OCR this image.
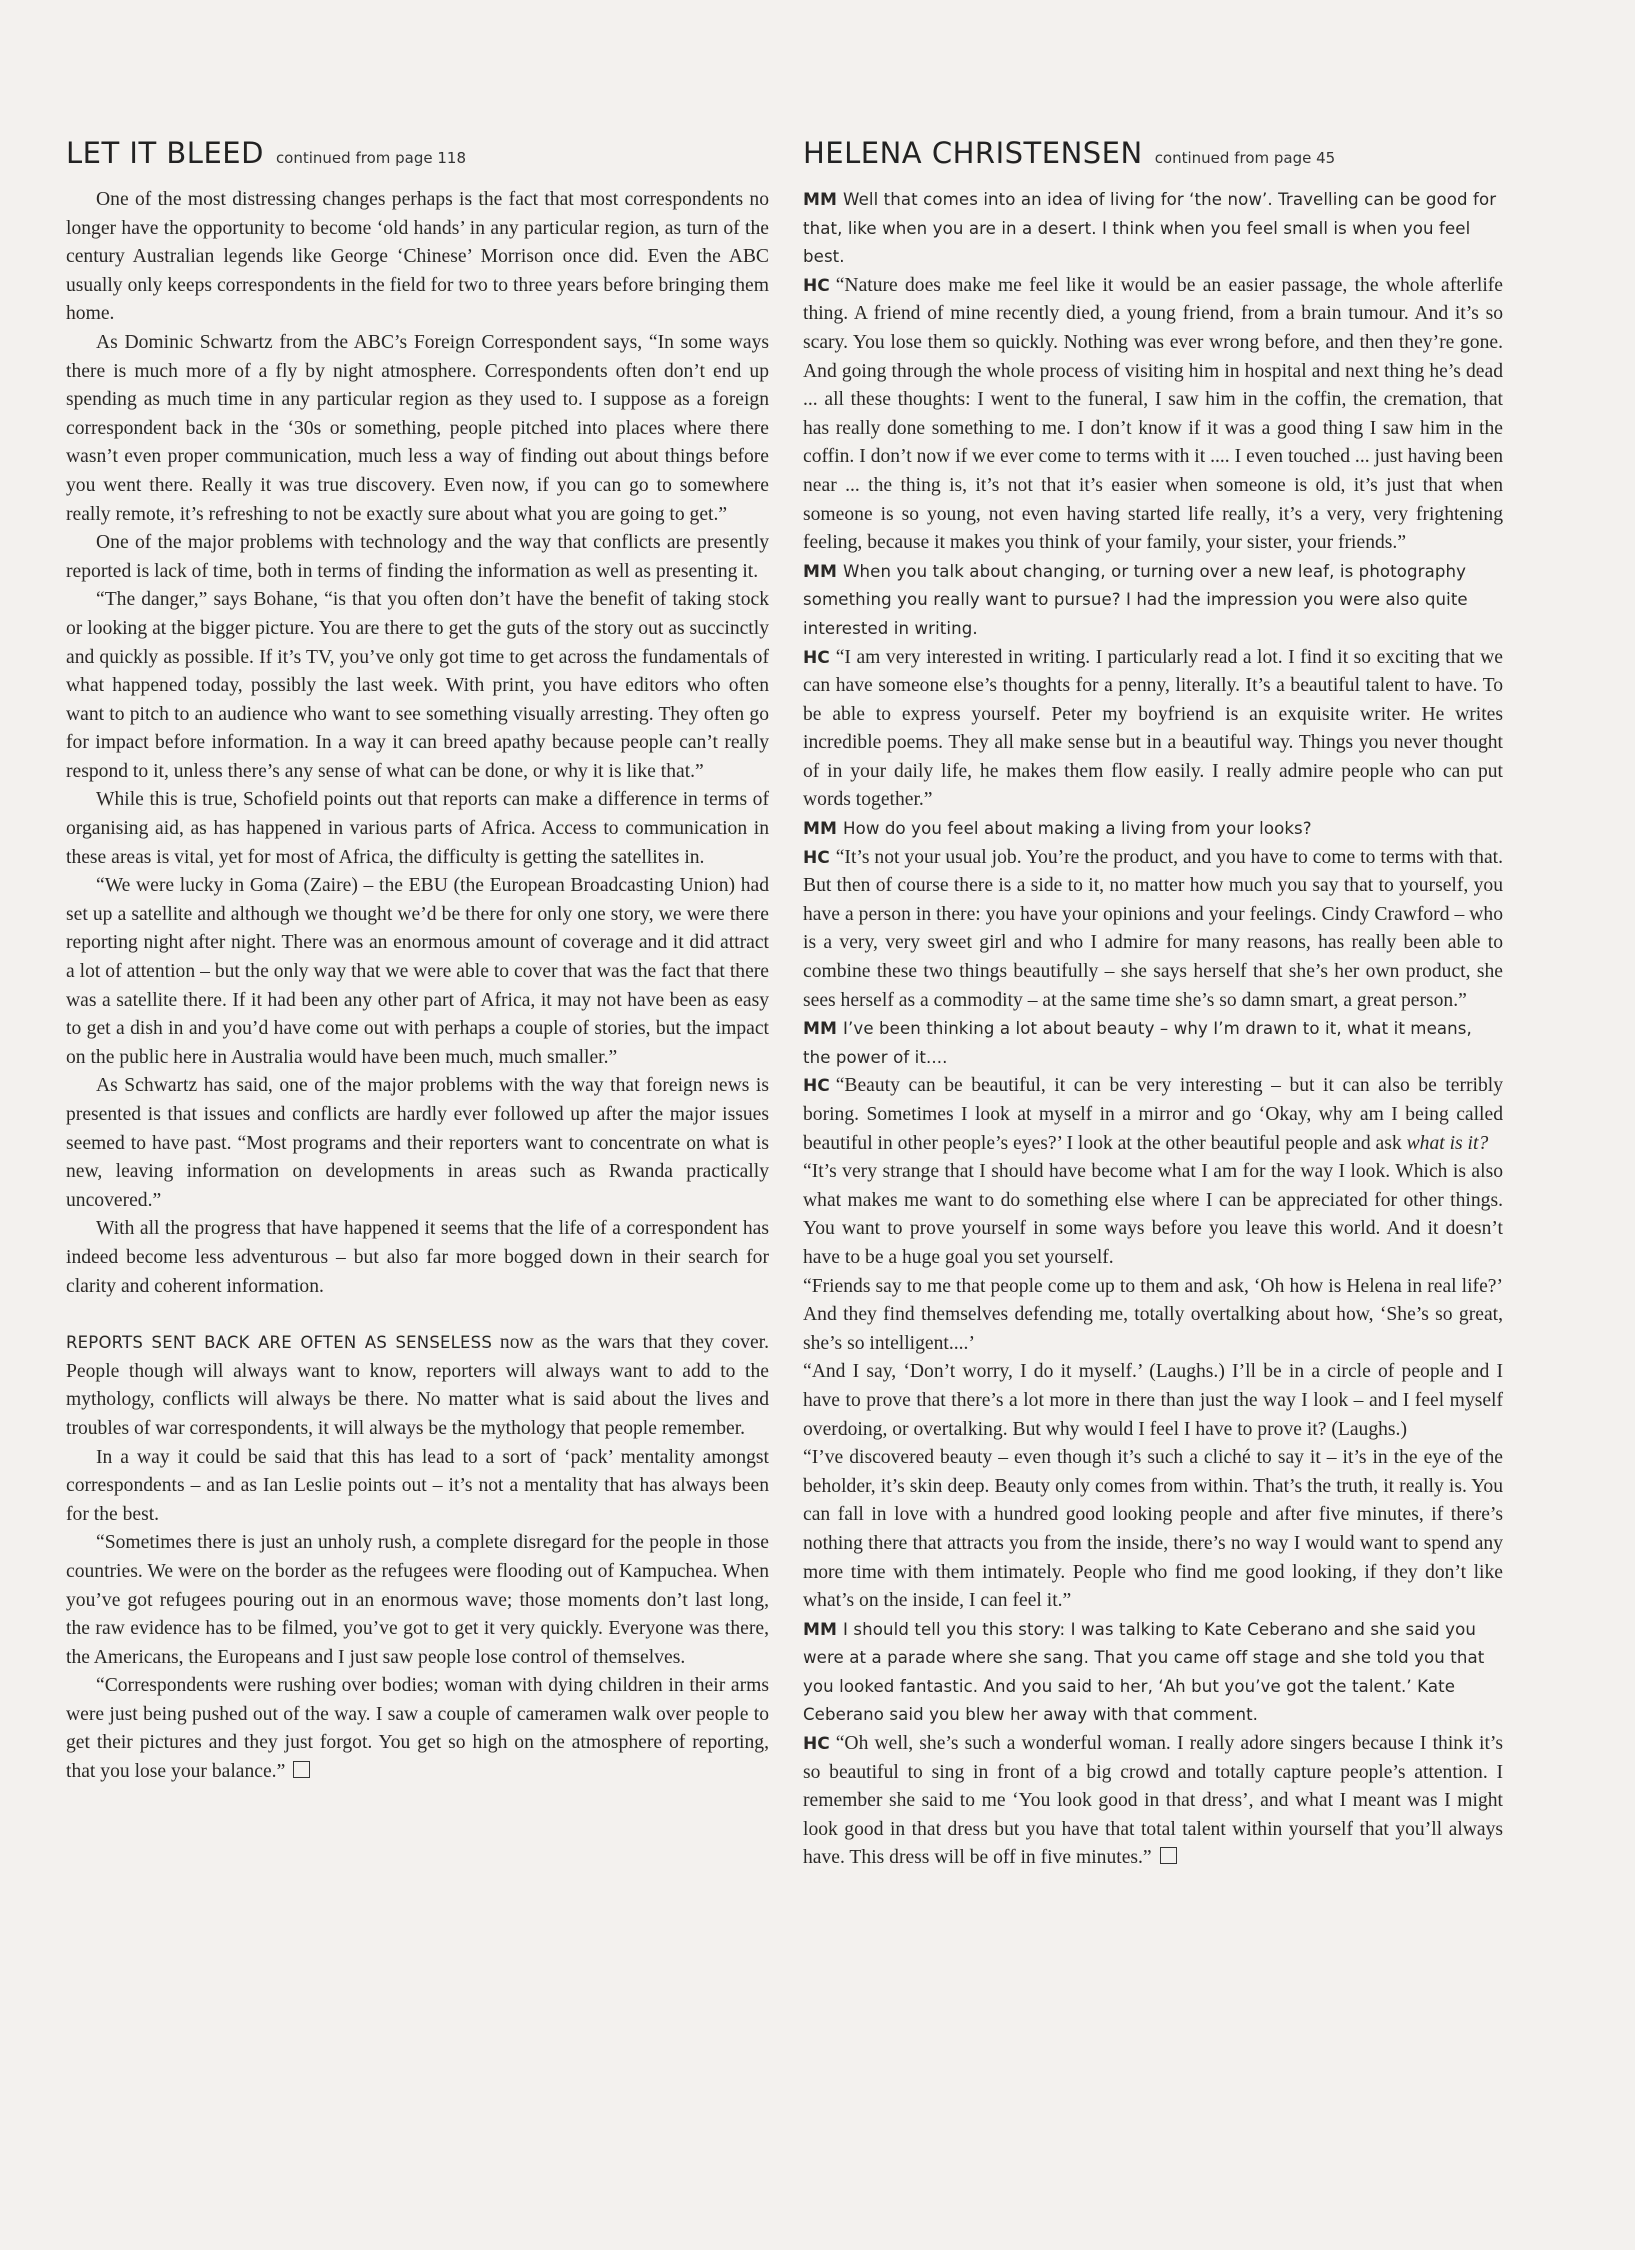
LET IT BLEED continued from page 118

One of the most distressing changes perhaps is the fact that most correspondents no longer have the opportunity to become ‘old hands’ in any particular region, as turn of the century Australian legends like George ‘Chinese’ Morrison once did. Even the ABC usually only keeps correspondents in the field for two to three years before bringing them home.

As Dominic Schwartz from the ABC’s Foreign Correspondent says, “In some ways there is much more of a fly by night atmosphere. Correspondents often don’t end up spending as much time in any particular region as they used to. I suppose as a foreign correspondent back in the ‘30s or something, people pitched into places where there wasn’t even proper communication, much less a way of finding out about things before you went there. Really it was true discovery. Even now, if you can go to somewhere really remote, it’s refreshing to not be exactly sure about what you are going to get.”

One of the major problems with technology and the way that conflicts are presently reported is lack of time, both in terms of finding the information as well as presenting it.

“The danger,” says Bohane, “is that you often don’t have the benefit of taking stock or looking at the bigger picture. You are there to get the guts of the story out as succinctly and quickly as possible. If it’s TV, you’ve only got time to get across the fundamentals of what happened today, possibly the last week. With print, you have editors who often want to pitch to an audience who want to see something visually arresting. They often go for impact before information. In a way it can breed apathy because people can’t really respond to it, unless there’s any sense of what can be done, or why it is like that.”

While this is true, Schofield points out that reports can make a difference in terms of organising aid, as has happened in various parts of Africa. Access to communication in these areas is vital, yet for most of Africa, the difficulty is getting the satellites in.

“We were lucky in Goma (Zaire) – the EBU (the European Broadcasting Union) had set up a satellite and although we thought we’d be there for only one story, we were there reporting night after night. There was an enormous amount of coverage and it did attract a lot of attention – but the only way that we were able to cover that was the fact that there was a satellite there. If it had been any other part of Africa, it may not have been as easy to get a dish in and you’d have come out with perhaps a couple of stories, but the impact on the public here in Australia would have been much, much smaller.”

As Schwartz has said, one of the major problems with the way that foreign news is presented is that issues and conflicts are hardly ever followed up after the major issues seemed to have past. “Most programs and their reporters want to concentrate on what is new, leaving information on developments in areas such as Rwanda practically uncovered.”

With all the progress that have happened it seems that the life of a correspondent has indeed become less adventurous – but also far more bogged down in their search for clarity and coherent information.

REPORTS SENT BACK ARE OFTEN AS SENSELESS now as the wars that they cover. People though will always want to know, reporters will always want to add to the mythology, conflicts will always be there. No matter what is said about the lives and troubles of war correspondents, it will always be the mythology that people remember.

In a way it could be said that this has lead to a sort of ‘pack’ mentality amongst correspondents – and as Ian Leslie points out – it’s not a mentality that has always been for the best.

“Sometimes there is just an unholy rush, a complete disregard for the people in those countries. We were on the border as the refugees were flooding out of Kampuchea. When you’ve got refugees pouring out in an enormous wave; those moments don’t last long, the raw evidence has to be filmed, you’ve got to get it very quickly. Everyone was there, the Americans, the Europeans and I just saw people lose control of themselves.

“Correspondents were rushing over bodies; woman with dying children in their arms were just being pushed out of the way. I saw a couple of cameramen walk over people to get their pictures and they just forgot. You get so high on the atmosphere of reporting, that you lose your balance.”

HELENA CHRISTENSEN continued from page 45

MM Well that comes into an idea of living for ‘the now’. Travelling can be good for that, like when you are in a desert. I think when you feel small is when you feel best.

HC “Nature does make me feel like it would be an easier passage, the whole afterlife thing. A friend of mine recently died, a young friend, from a brain tumour. And it’s so scary. You lose them so quickly. Nothing was ever wrong before, and then they’re gone. And going through the whole process of visiting him in hospital and next thing he’s dead ... all these thoughts: I went to the funeral, I saw him in the coffin, the cremation, that has really done something to me. I don’t know if it was a good thing I saw him in the coffin. I don’t now if we ever come to terms with it .... I even touched ... just having been near ... the thing is, it’s not that it’s easier when someone is old, it’s just that when someone is so young, not even having started life really, it’s a very, very frightening feeling, because it makes you think of your family, your sister, your friends.”

MM When you talk about changing, or turning over a new leaf, is photography something you really want to pursue? I had the impression you were also quite interested in writing.

HC “I am very interested in writing. I particularly read a lot. I find it so exciting that we can have someone else’s thoughts for a penny, literally. It’s a beautiful talent to have. To be able to express yourself. Peter my boyfriend is an exquisite writer. He writes incredible poems. They all make sense but in a beautiful way. Things you never thought of in your daily life, he makes them flow easily. I really admire people who can put words together.”

MM How do you feel about making a living from your looks?

HC “It’s not your usual job. You’re the product, and you have to come to terms with that. But then of course there is a side to it, no matter how much you say that to yourself, you have a person in there: you have your opinions and your feelings. Cindy Crawford – who is a very, very sweet girl and who I admire for many reasons, has really been able to combine these two things beautifully – she says herself that she’s her own product, she sees herself as a commodity – at the same time she’s so damn smart, a great person.”

MM I’ve been thinking a lot about beauty – why I’m drawn to it, what it means, the power of it....

HC “Beauty can be beautiful, it can be very interesting – but it can also be terribly boring. Sometimes I look at myself in a mirror and go ‘Okay, why am I being called beautiful in other people’s eyes?’ I look at the other beautiful people and ask what is it?

“It’s very strange that I should have become what I am for the way I look. Which is also what makes me want to do something else where I can be appreciated for other things. You want to prove yourself in some ways before you leave this world. And it doesn’t have to be a huge goal you set yourself.

“Friends say to me that people come up to them and ask, ‘Oh how is Helena in real life?’ And they find themselves defending me, totally overtalking about how, ‘She’s so great, she’s so intelligent....’

“And I say, ‘Don’t worry, I do it myself.’ (Laughs.) I’ll be in a circle of people and I have to prove that there’s a lot more in there than just the way I look – and I feel myself overdoing, or overtalking. But why would I feel I have to prove it? (Laughs.)

“I’ve discovered beauty – even though it’s such a cliché to say it – it’s in the eye of the beholder, it’s skin deep. Beauty only comes from within. That’s the truth, it really is. You can fall in love with a hundred good looking people and after five minutes, if there’s nothing there that attracts you from the inside, there’s no way I would want to spend any more time with them intimately. People who find me good looking, if they don’t like what’s on the inside, I can feel it.”

MM I should tell you this story: I was talking to Kate Ceberano and she said you were at a parade where she sang. That you came off stage and she told you that you looked fantastic. And you said to her, ‘Ah but you’ve got the talent.’ Kate Ceberano said you blew her away with that comment.

HC “Oh well, she’s such a wonderful woman. I really adore singers because I think it’s so beautiful to sing in front of a big crowd and totally capture people’s attention. I remember she said to me ‘You look good in that dress’, and what I meant was I might look good in that dress but you have that total talent within yourself that you’ll always have. This dress will be off in five minutes.”
